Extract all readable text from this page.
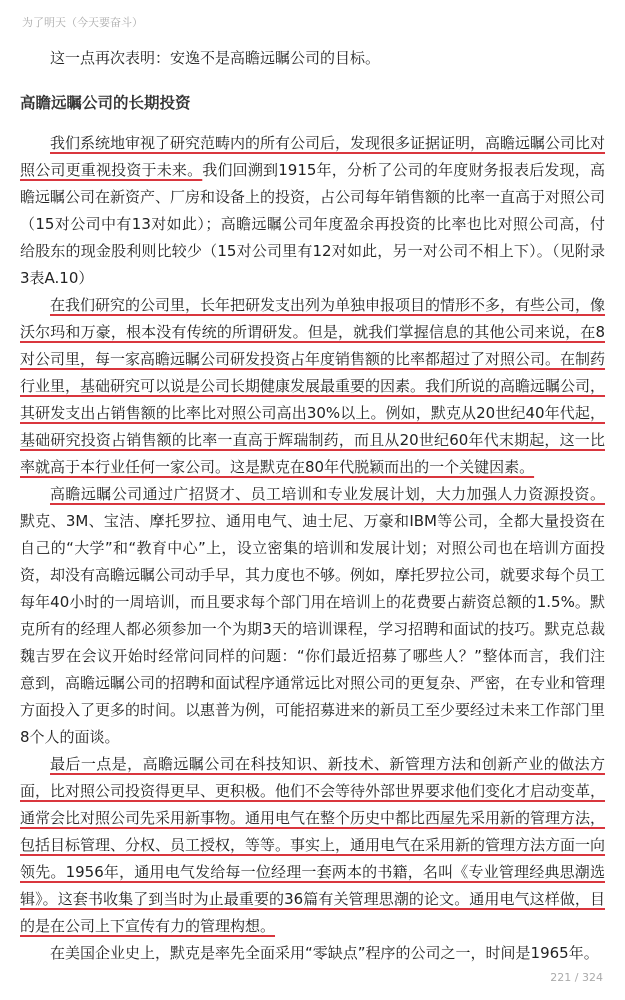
为了明天（今天要奋斗）

这一点再次表明：安逸不是高瞻远瞩公司的目标。

高瞻远瞩公司的长期投资

我们系统地审视了研究范畴内的所有公司后，发现很多证据证明，高瞻远瞩公司比对照公司更重视投资于未来。我们回溯到1915年，分析了公司的年度财务报表后发现，高瞻远瞩公司在新资产、厂房和设备上的投资，占公司每年销售额的比率一直高于对照公司（15对公司中有13对如此）；高瞻远瞩公司年度盈余再投资的比率也比对照公司高，付给股东的现金股利则比较少（15对公司里有12对如此，另一对公司不相上下）。（见附录3表A.10）

在我们研究的公司里，长年把研发支出列为单独申报项目的情形不多，有些公司，像沃尔玛和万豪，根本没有传统的所谓研发。但是，就我们掌握信息的其他公司来说，在8对公司里，每一家高瞻远瞩公司研发投资占年度销售额的比率都超过了对照公司。在制药行业里，基础研究可以说是公司长期健康发展最重要的因素。我们所说的高瞻远瞩公司，其研发支出占销售额的比率比对照公司高出30%以上。例如，默克从20世纪40年代起，基础研究投资占销售额的比率一直高于辉瑞制药，而且从20世纪60年代末期起，这一比率就高于本行业任何一家公司。这是默克在80年代脱颖而出的一个关键因素。

高瞻远瞩公司通过广招贤才、员工培训和专业发展计划，大力加强人力资源投资。默克、3M、宝洁、摩托罗拉、通用电气、迪士尼、万豪和IBM等公司，全都大量投资在自己的“大学”和“教育中心”上，设立密集的培训和发展计划；对照公司也在培训方面投资，却没有高瞻远瞩公司动手早，其力度也不够。例如，摩托罗拉公司，就要求每个员工每年40小时的一周培训，而且要求每个部门用在培训上的花费要占薪资总额的1.5%。默克所有的经理人都必须参加一个为期3天的培训课程，学习招聘和面试的技巧。默克总裁魏吉罗在会议开始时经常问同样的问题：“你们最近招募了哪些人？”整体而言，我们注意到，高瞻远瞩公司的招聘和面试程序通常远比对照公司的更复杂、严密，在专业和管理方面投入了更多的时间。以惠普为例，可能招募进来的新员工至少要经过未来工作部门里8个人的面谈。

最后一点是，高瞻远瞩公司在科技知识、新技术、新管理方法和创新产业的做法方面，比对照公司投资得更早、更积极。他们不会等待外部世界要求他们变化才启动变革，通常会比对照公司先采用新事物。通用电气在整个历史中都比西屋先采用新的管理方法，包括目标管理、分权、员工授权，等等。事实上，通用电气在采用新的管理方法方面一向领先。1956年，通用电气发给每一位经理一套两本的书籍，名叫《专业管理经典思潮选辑》。这套书收集了到当时为止最重要的36篇有关管理思潮的论文。通用电气这样做，目的是在公司上下宣传有力的管理构想。

在美国企业史上，默克是率先全面采用“零缺点”程序的公司之一，时间是1965年。

221 / 324
